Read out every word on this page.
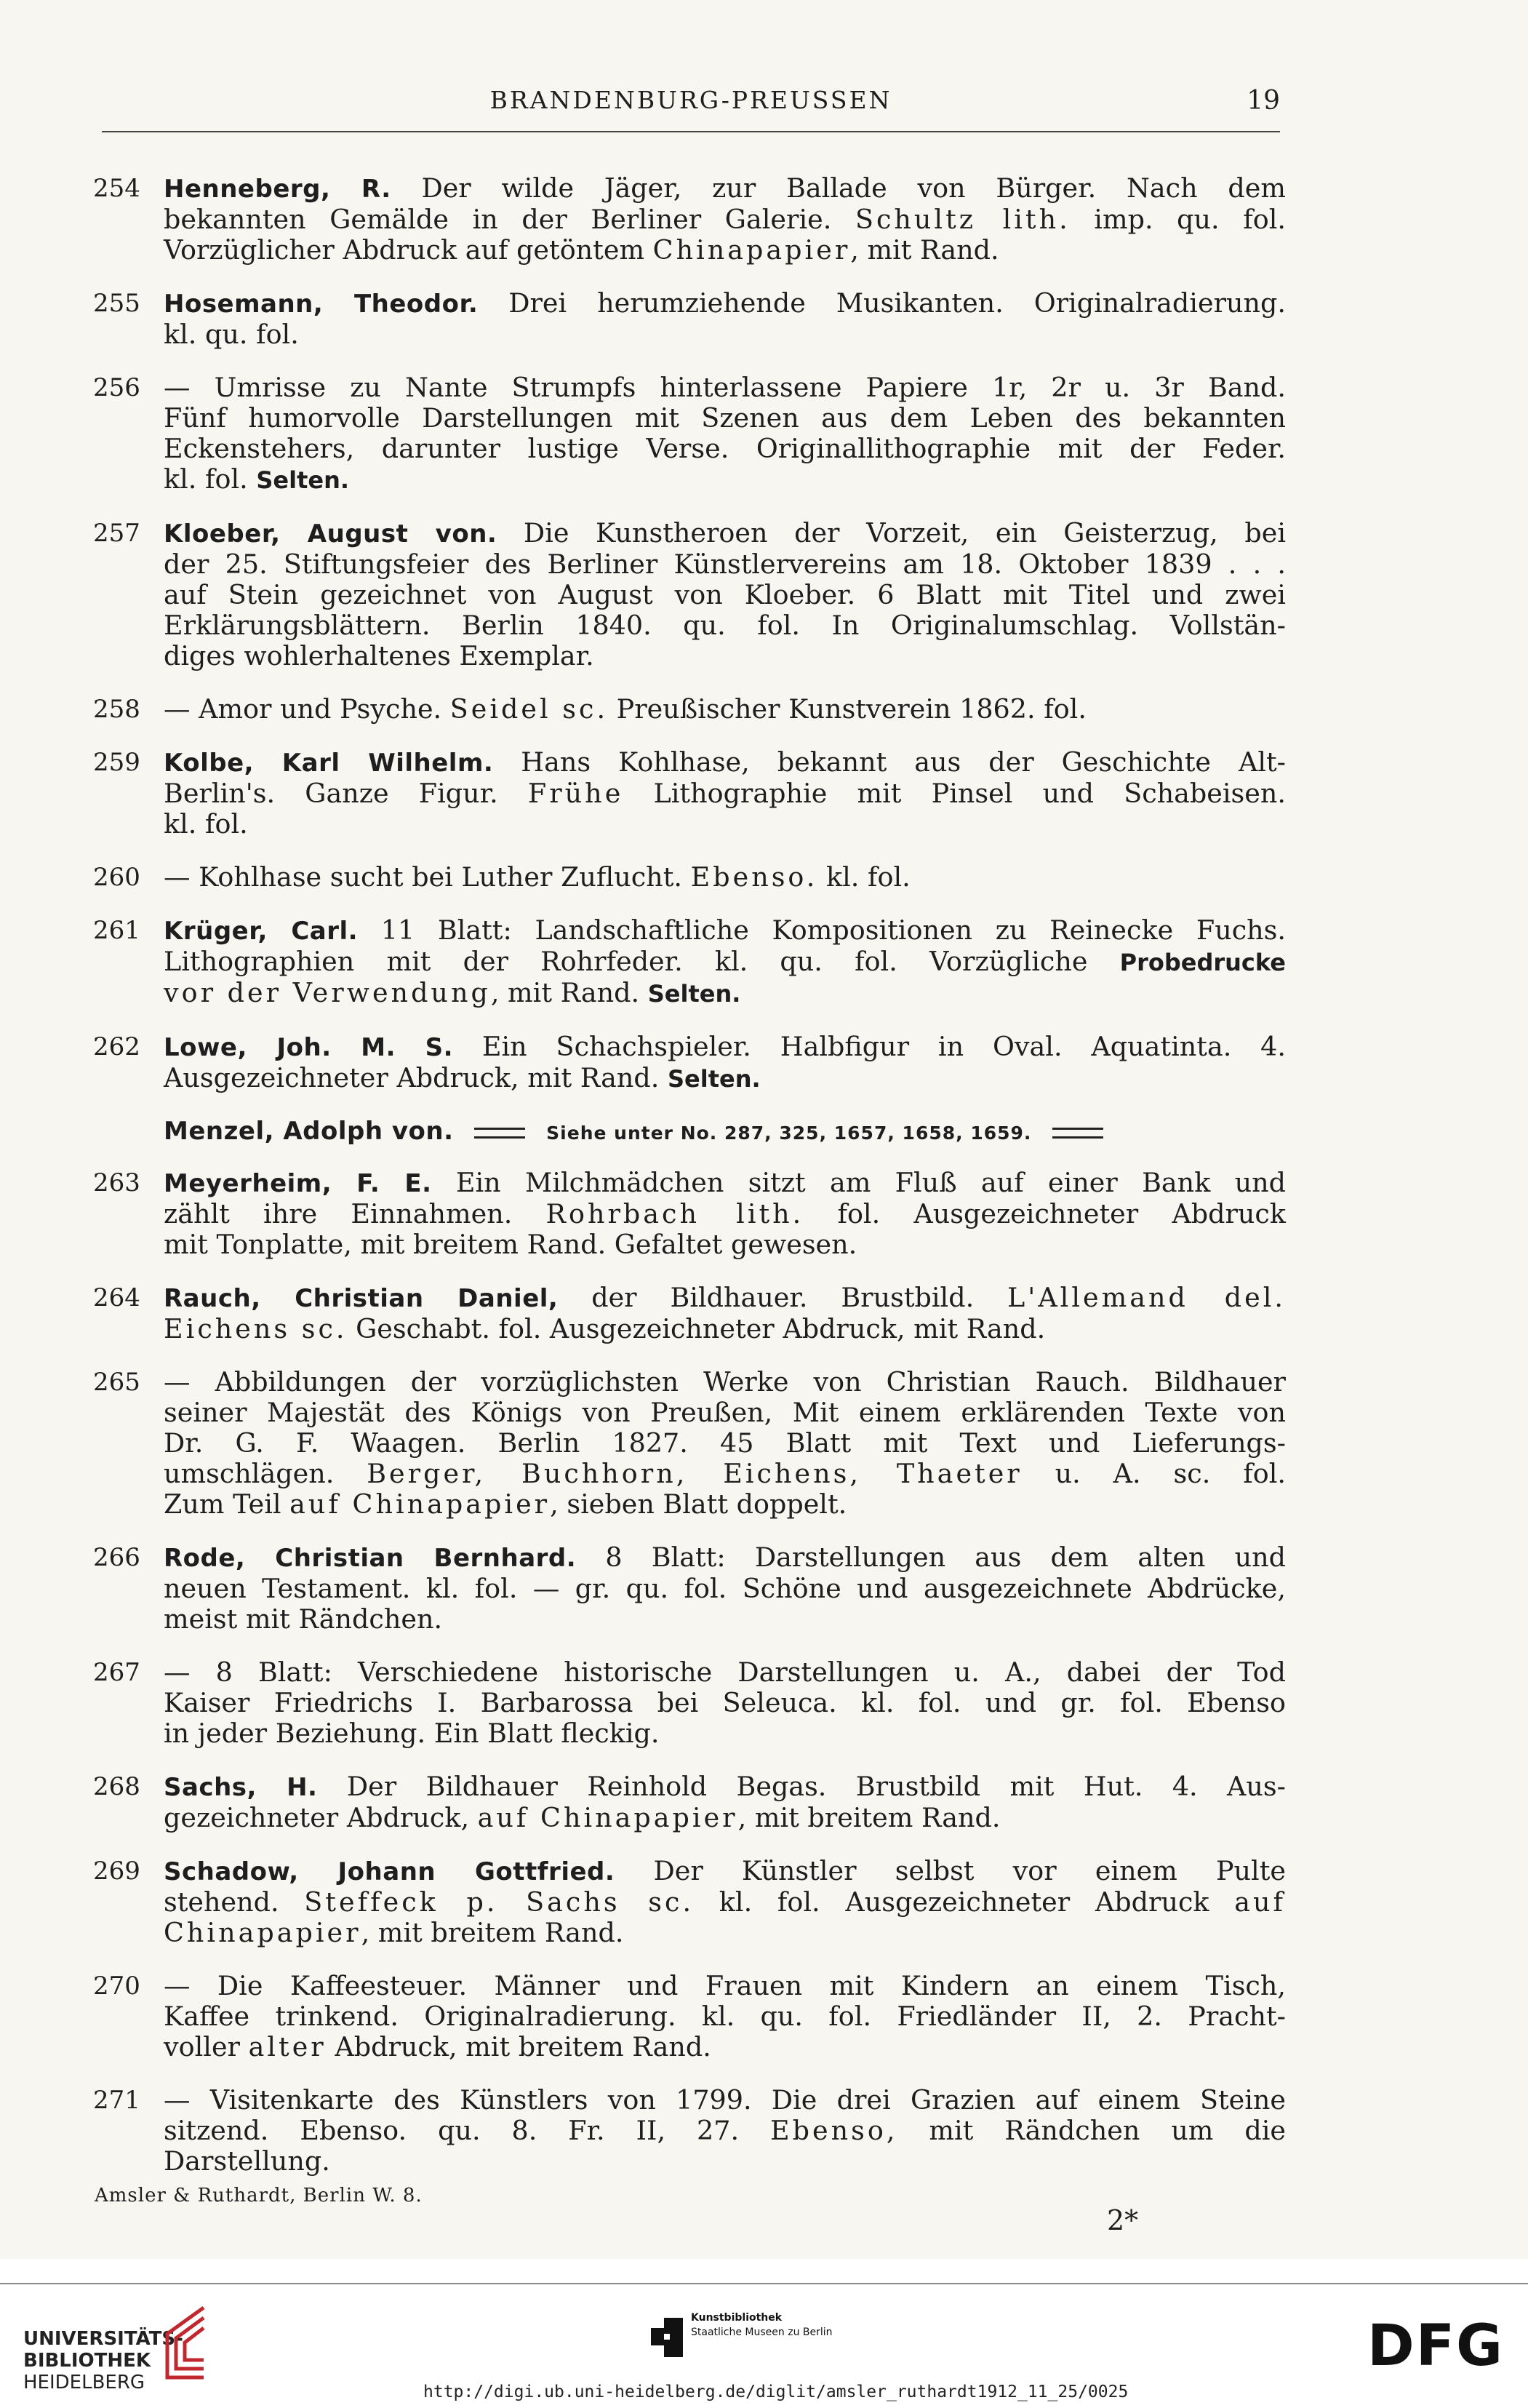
BRANDENBURG-PREUSSEN	19
254 Henneberg, R. Der wilde Jäger, zur Ballade von Bürger. Nach dem
bekannten Gemälde in der Berliner Galerie. Schultz lith. imp. qu. fol.
Vorzüglicher Abdruck auf getöntem Chinapapier, mit Rand.
255 Hosemann, Theodor. Drei herumziehende Musikanten. Originalradierung.
kl. qu. fol.
256 — Umrisse zu Nante Strumpfs hinterlassene Papiere 1r, 2r u. 3r Band.
Fünf humorvolle Darstellungen mit Szenen aus dem Leben des bekannten
Eckenstehers, darunter lustige Verse. Originallithographie mit der Feder.
kl. fol. Selten.
257 Kloeber, August von. Die Kunstheroen der Vorzeit, ein Geisterzug, bei
der 25. Stiftungsfeier des Berliner Künstlervereins am 18. Oktober 1839 . . .
auf Stein gezeichnet von August von Kloeber. 6 Blatt mit Titel und zwei
Erklärungsblättern. Berlin 1840. qu. fol. In Originalumschlag. Vollstän-
diges wohlerhaltenes Exemplar.
258 — Amor und Psyche. Seidel sc. Preußischer Kunstverein 1862. fol.
259 Kolbe, Karl Wilhelm. Hans Kohlhase, bekannt aus der Geschichte Alt-
Berlin's. Ganze Figur. Frühe Lithographie mit Pinsel und Schabeisen.
kl. fol.
260 — Kohlhase sucht bei Luther Zuflucht. Ebenso. kl. fol.
261 Krüger, Carl. 11 Blatt: Landschaftliche Kompositionen zu Reinecke Fuchs.
Lithographien mit der Rohrfeder. kl. qu. fol. Vorzügliche Probedrucke
vor der Verwendung, mit Rand. Selten.
262 Lowe, Joh. M. S. Ein Schachspieler. Halbfigur in Oval. Aquatinta. 4.
Ausgezeichneter Abdruck, mit Rand. Selten.
Menzel, Adolph von.	Siehe unter No. 287, 325, 1657, 1658, 1659.
263 Meyerheim, F. E. Ein Milchmädchen sitzt am Fluß auf einer Bank und
zählt ihre Einnahmen. Rohrbach lith. fol. Ausgezeichneter Abdruck
mit Tonplatte, mit breitem Rand. Gefaltet gewesen.
264 Rauch, Christian Daniel, der Bildhauer. Brustbild. L'Allemand del.
Eichens sc. Geschabt. fol. Ausgezeichneter Abdruck, mit Rand.
265 — Abbildungen der vorzüglichsten Werke von Christian Rauch. Bildhauer
seiner Majestät des Königs von Preußen, Mit einem erklärenden Texte von
Dr. G. F. Waagen. Berlin 1827. 45 Blatt mit Text und Lieferungs-
umschlägen. Berger, Buchhorn, Eichens, Thaeter u. A. sc. fol.
Zum Teil auf Chinapapier, sieben Blatt doppelt.
266 Rode, Christian Bernhard. 8 Blatt: Darstellungen aus dem alten und
neuen Testament. kl. fol. — gr. qu. fol. Schöne und ausgezeichnete Abdrücke,
meist mit Rändchen.
267 — 8 Blatt: Verschiedene historische Darstellungen u. A., dabei der Tod
Kaiser Friedrichs I. Barbarossa bei Seleuca. kl. fol. und gr. fol. Ebenso
in jeder Beziehung. Ein Blatt fleckig.
268 Sachs, H. Der Bildhauer Reinhold Begas. Brustbild mit Hut. 4. Aus-
gezeichneter Abdruck, auf Chinapapier, mit breitem Rand.
269 Schadow, Johann Gottfried. Der Künstler selbst vor einem Pulte
stehend. Steffeck p. Sachs sc. kl. fol. Ausgezeichneter Abdruck auf
Chinapapier, mit breitem Rand.
270 — Die Kaffeesteuer. Männer und Frauen mit Kindern an einem Tisch,
Kaffee trinkend. Originalradierung. kl. qu. fol. Friedländer II, 2. Pracht-
voller alter Abdruck, mit breitem Rand.
271 — Visitenkarte des Künstlers von 1799. Die drei Grazien auf einem Steine
sitzend. Ebenso. qu. 8. Fr. II, 27. Ebenso, mit Rändchen um die
Darstellung.
Amsler & Ruthardt, Berlin W. 8.
2*
UNIVERSITÄTS-
BIBLIOTHEK
HEIDELBERG
Kunstbibliothek
Staatliche Museen zu Berlin	DFG
http://digi.ub.uni-heidelberg.de/diglit/amsler_ruthardt1912_11_25/0025
